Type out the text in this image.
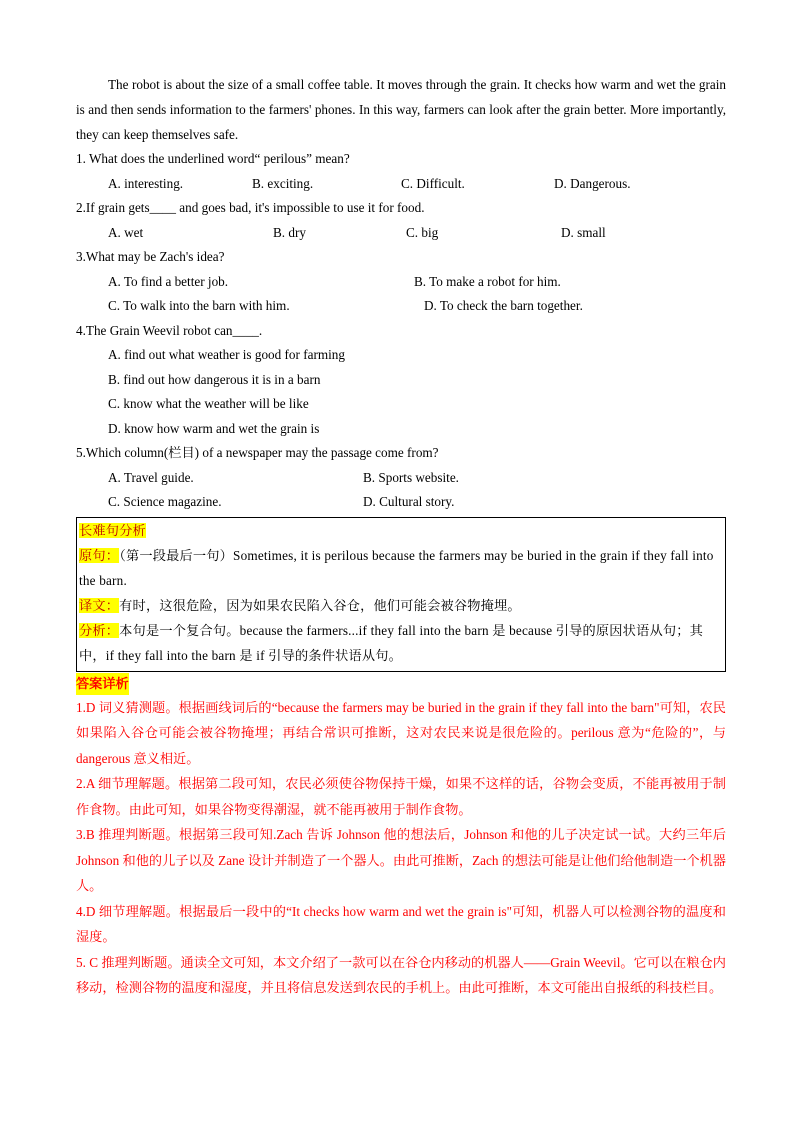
The robot is about the size of a small coffee table. It moves through the grain. It checks how warm and wet the grain is and then sends information to the farmers' phones. In this way, farmers can look after the grain better. More importantly, they can keep themselves safe.

1. What does the underlined word“ perilous” mean?

A. interesting.	B. exciting.	C. Difficult.	D. Dangerous.

2.If grain gets____ and goes bad, it's impossible to use it for food.

A. wet	B. dry	C. big	D. small

3.What may be Zach's idea?

A. To find a better job.	B. To make a robot for him.
C. To walk into the barn with him.	D. To check the barn together.

4.The Grain Weevil robot can____.

A. find out what weather is good for farming
B. find out how dangerous it is in a barn
C. know what the weather will be like
D. know how warm and wet the grain is

5.Which column(栏目) of a newspaper may the passage come from?

A. Travel guide.	B. Sports website.
C. Science magazine.	D. Cultural story.
长难句分析

原句：（第一段最后一句）Sometimes, it is perilous because the farmers may be buried in the grain if they fall into the barn.

译文：有时，这很危险，因为如果农民陷入谷仓，他们可能会被谷物掩埋。

分析：本句是一个复合句。because the farmers...if they fall into the barn 是 because 引导的原因状语从句；其中，if they fall into the barn 是 if 引导的条件状语从句。

答案详析

1.D 词义猜测题。根据画线词后的“because the farmers may be buried in the grain if they fall into the barn"可知，农民如果陷入谷仓可能会被谷物掩埋；再结合常识可推断，这对农民来说是很危险的。perilous 意为“危险的”，与 dangerous 意义相近。

2.A 细节理解题。根据第二段可知，农民必须使谷物保持干燥，如果不这样的话，谷物会变质，不能再被用于制作食物。由此可知，如果谷物变得潮湿，就不能再被用于制作食物。

3.B 推理判断题。根据第三段可知.Zach 告诉 Johnson 他的想法后，Johnson 和他的儿子决定试一试。大约三年后 Johnson 和他的儿子以及 Zane 设计并制造了一个器人。由此可推断，Zach 的想法可能是让他们给他制造一个机器人。

4.D 细节理解题。根据最后一段中的“It checks how warm and wet the grain is"可知，机器人可以检测谷物的温度和湿度。

5. C 推理判断题。通读全文可知，本文介绍了一款可以在谷仓内移动的机器人——Grain Weevil。它可以在粮仓内移动，检测谷物的温度和湿度，并且将信息发送到农民的手机上。由此可推断，本文可能出自报纸的科技栏目。
